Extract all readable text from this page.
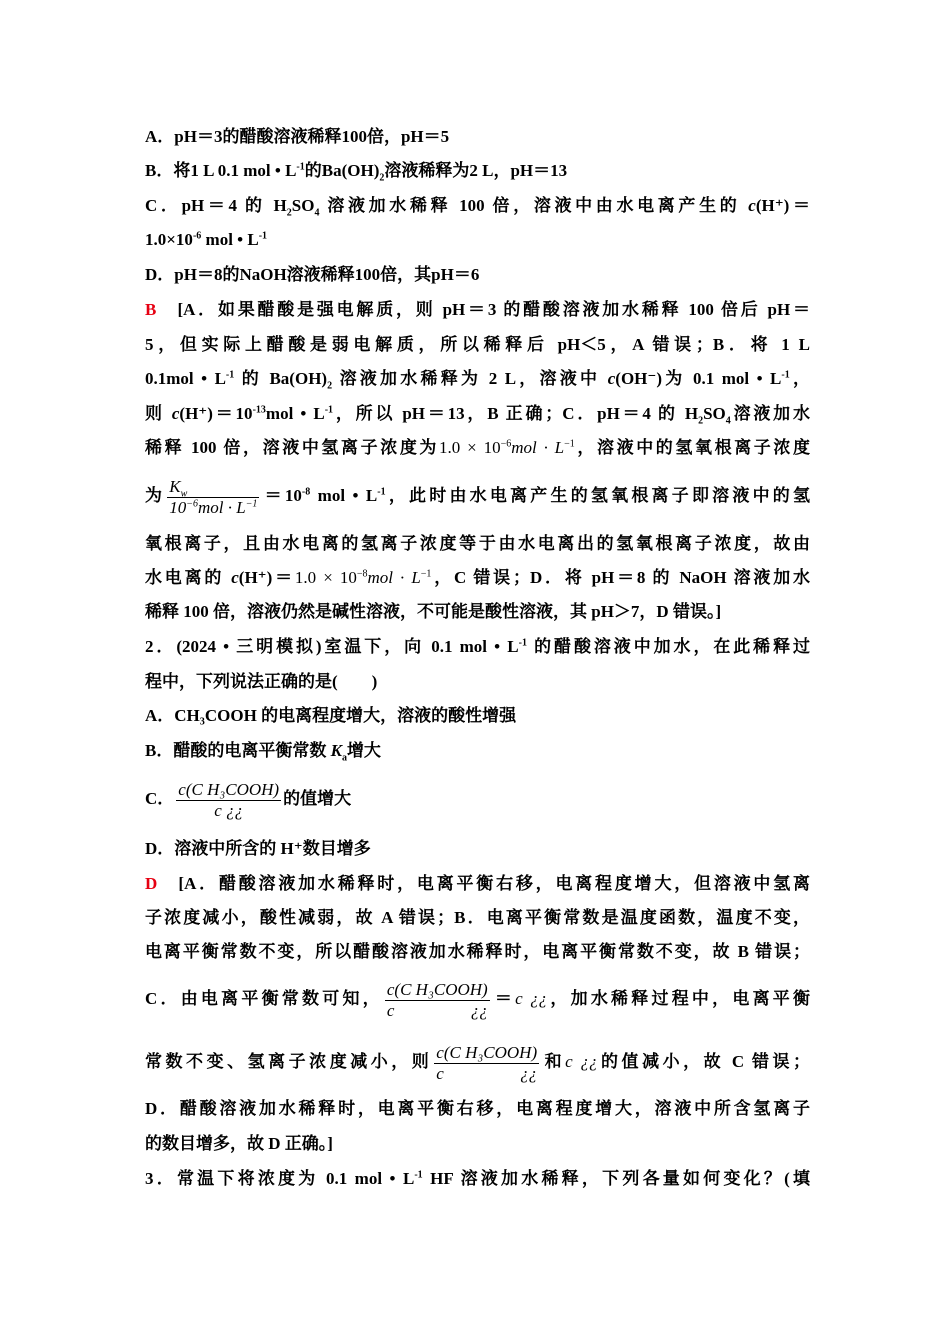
A．pH＝3的醋酸溶液稀释100倍，pH＝5
B．将1 L 0.1 mol • $L^{-1}$的$Ba(OH)_2$溶液稀释为2 L，pH＝13
C．pH＝4 的 $H_2SO_4$ 溶液加水稀释 100 倍，溶液中由水电离产生的 c(H⁺)＝
$1.0\times 10^{-6}$ mol • $L^{-1}$
D．pH＝8的NaOH溶液稀释100倍，其pH＝6
B [A．如果醋酸是强电解质，则 pH＝3 的醋酸溶液加水稀释 100 倍后 pH＝
5，但实际上醋酸是弱电解质，所以稀释后 pH＜5，A 错误；B．将 1 L
0.1mol • $L^{-1}$ 的 $Ba(OH)_2$ 溶液加水稀释为 2 L，溶液中 c(OH⁻)为 0.1 mol • $L^{-1}$，
则 $c(H^+)=10^{-13}mol$ • $L^{-1}$，所以 pH＝13，B 正确；C．pH＝4 的 $H_2SO_4$溶液加水
稀释 100 倍，溶液中氢离子浓度为$1.0 \times 10^{-6}mol \cdot L^{-1}$，溶液中的氢氧根离子浓度
为 $\frac{K_w}{10^{-6}mol \cdot L^{-1}} =10^{-8}$ mol • $L^{-1}$，此时由水电离产生的氢氧根离子即溶液中的氢
氧根离子，且由水电离的氢离子浓度等于由水电离出的氢氧根离子浓度，故由
水电离的 $c(H^+)=1.0 \times 10^{-8}mol \cdot L^{-1}$，C 错误；D．将 pH＝8 的 NaOH 溶液加水
稀释 100 倍，溶液仍然是碱性溶液，不可能是酸性溶液，其 pH＞7，D 错误。]
2．(2024 • 三明模拟)室温下，向 0.1 mol • $L^{-1}$ 的醋酸溶液中加水，在此稀释过
程中，下列说法正确的是(　　)
A．CH₃COOH 的电离程度增大，溶液的酸性增强
B．醋酸的电离平衡常数 $K_a$增大
C． $\frac{\text{c(C H₃COOH)}}{c ¿¿}$ 的值增大
D．溶液中所含的 H⁺数目增多
D [A．醋酸溶液加水稀释时，电离平衡右移，电离程度增大，但溶液中氢离
子浓度减小，酸性减弱，故 A 错误；B．电离平衡常数是温度函数，温度不变，
电离平衡常数不变，所以醋酸溶液加水稀释时，电离平衡常数不变，故 B 错误；
C．由电离平衡常数可知， $\frac{\text{c(C H₃COOH)}}{c ¿¿} =c$ ¿¿，加水稀释过程中，电离平衡
常数不变、氢离子浓度减小，则 $\frac{\text{c(C H₃COOH)}}{c ¿¿}$ 和c ¿¿的值减小，故 C 错误；
D．醋酸溶液加水稀释时，电离平衡右移，电离程度增大，溶液中所含氢离子
的数目增多，故 D 正确。]
3．常温下将浓度为 0.1 mol • $L^{-1}$ HF 溶液加水稀释，下列各量如何变化？(填
